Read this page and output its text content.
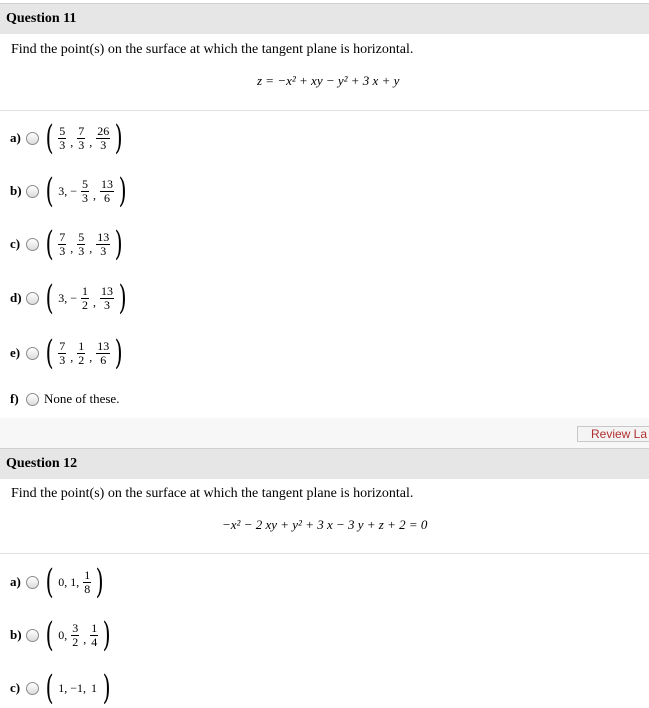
Question 11
Find the point(s) on the surface at which the tangent plane is horizontal.
z = −x² + xy − y² + 3 x + y
a) ( $\frac{5}{3}$ , $\frac{7}{3}$ , $\frac{26}{3}$ )
b) ( 3, − $\frac{5}{3}$ , $\frac{13}{6}$ )
c) ( $\frac{7}{3}$ , $\frac{5}{3}$ , $\frac{13}{3}$ )
d) ( 3, − $\frac{1}{2}$ , $\frac{13}{3}$ )
e) ( $\frac{7}{3}$ , $\frac{1}{2}$ , $\frac{13}{6}$ )
f)	None of these.
Review La
Question 12
Find the point(s) on the surface at which the tangent plane is horizontal.
−x² − 2 xy + y² + 3 x − 3 y + z + 2 = 0
a) ( 0, 1, $\frac{1}{8}$ )
b) ( 0, $\frac{3}{2}$ , $\frac{1}{4}$ )
c) ( 1, −1, 1 )
